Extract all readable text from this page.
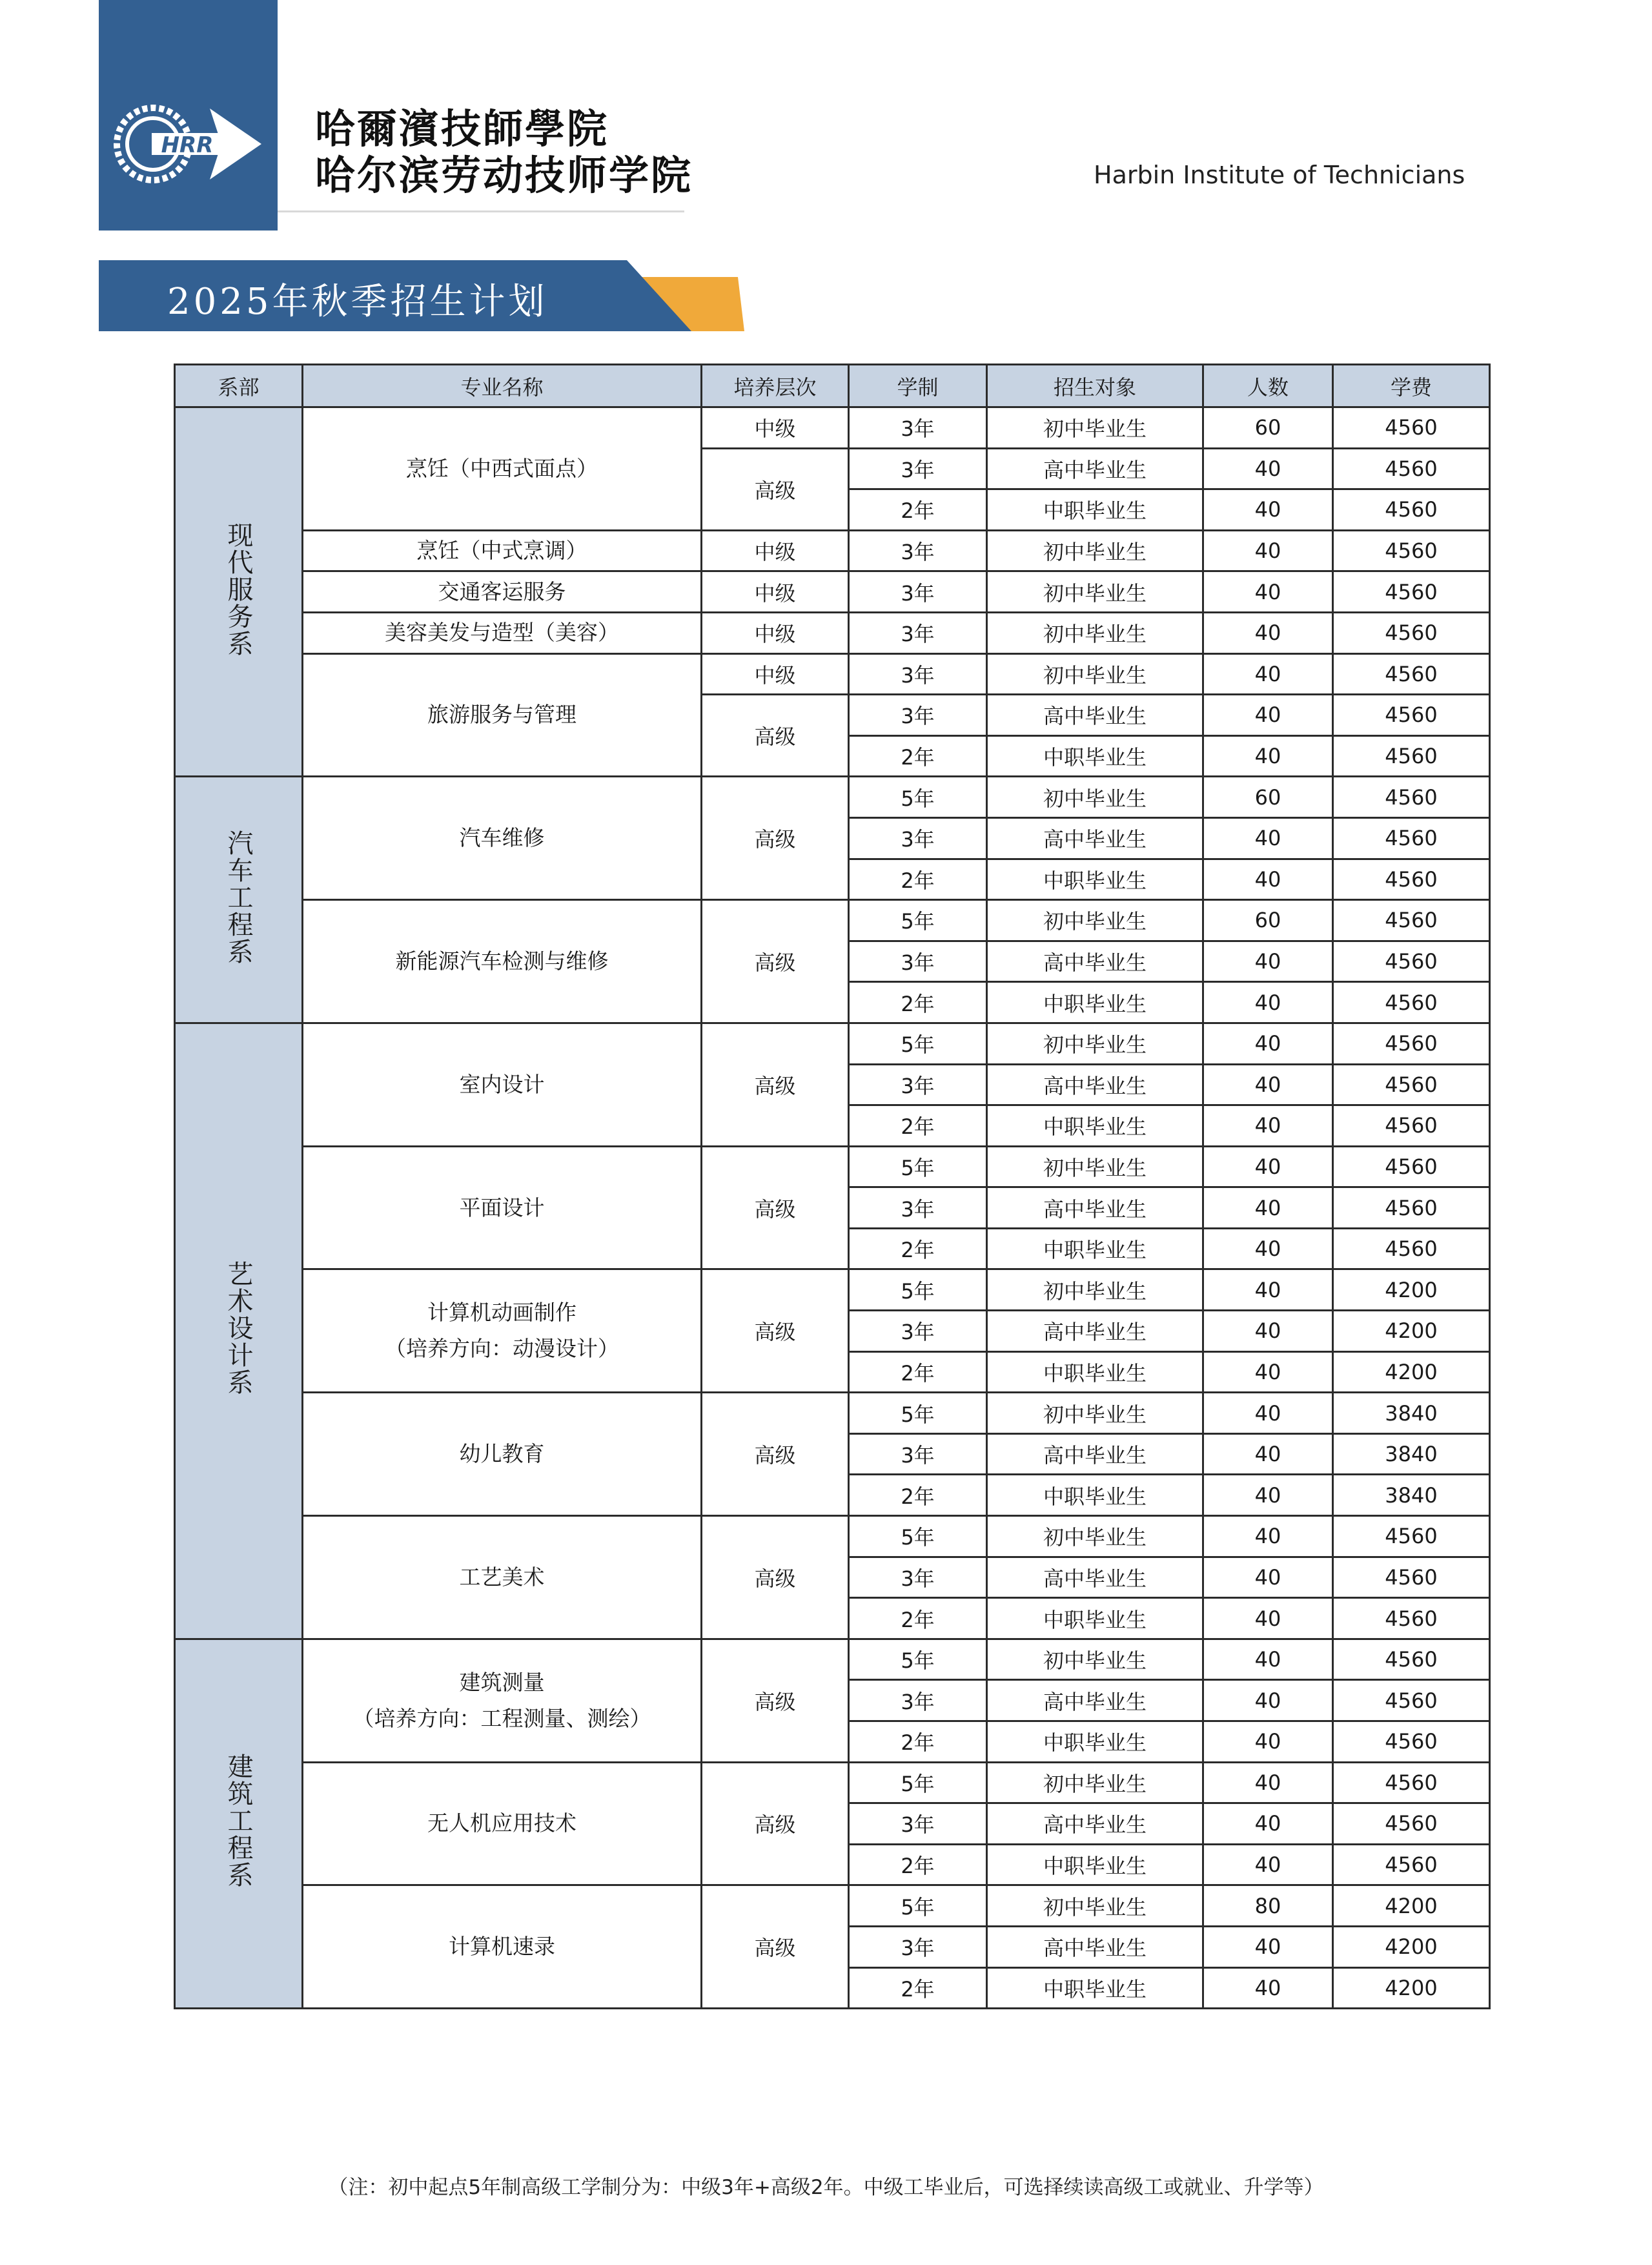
HRR	哈爾濱技師學院
哈尔滨劳动技师学院	Harbin Institute of Technicians
2025年秋季招生计划
系部	专业名称	培养层次	学制	招生对象	人数	学费
现代服务系	烹饪（中西式面点）	中级	3年	初中毕业生	60	4560
		高级	3年	高中毕业生	40	4560
			2年	中职毕业生	40	4560

	烹饪（中式烹调）	中级	3年	初中毕业生	40	4560

	交通客运服务	中级	3年	初中毕业生	40	4560

	美容美发与造型（美容）	中级	3年	初中毕业生	40	4560

	旅游服务与管理	中级	3年	初中毕业生	40	4560
		高级	3年	高中毕业生	40	4560
			2年	中职毕业生	40	4560
汽车工程系	汽车维修	高级	5年	初中毕业生	60	4560
			3年	高中毕业生	40	4560
			2年	中职毕业生	40	4560

	新能源汽车检测与维修	高级	5年	初中毕业生	60	4560
			3年	高中毕业生	40	4560
			2年	中职毕业生	40	4560
艺术设计系	室内设计	高级	5年	初中毕业生	40	4560
			3年	高中毕业生	40	4560
			2年	中职毕业生	40	4560

	平面设计	高级	5年	初中毕业生	40	4560
			3年	高中毕业生	40	4560
			2年	中职毕业生	40	4560

	计算机动画制作
（培养方向：动漫设计）	高级	5年	初中毕业生	40	4200
			3年	高中毕业生	40	4200
			2年	中职毕业生	40	4200

	幼儿教育	高级	5年	初中毕业生	40	3840
			3年	高中毕业生	40	3840
			2年	中职毕业生	40	3840

	工艺美术	高级	5年	初中毕业生	40	4560
			3年	高中毕业生	40	4560
			2年	中职毕业生	40	4560
建筑工程系	建筑测量
（培养方向：工程测量、测绘）	高级	5年	初中毕业生	40	4560
			3年	高中毕业生	40	4560
			2年	中职毕业生	40	4560

	无人机应用技术	高级	5年	初中毕业生	40	4560
			3年	高中毕业生	40	4560
			2年	中职毕业生	40	4560

	计算机速录	高级	5年	初中毕业生	80	4200
			3年	高中毕业生	40	4200
			2年	中职毕业生	40	4200

（注：初中起点5年制高级工学制分为：中级3年+高级2年。中级工毕业后，可选择续读高级工或就业、升学等）
